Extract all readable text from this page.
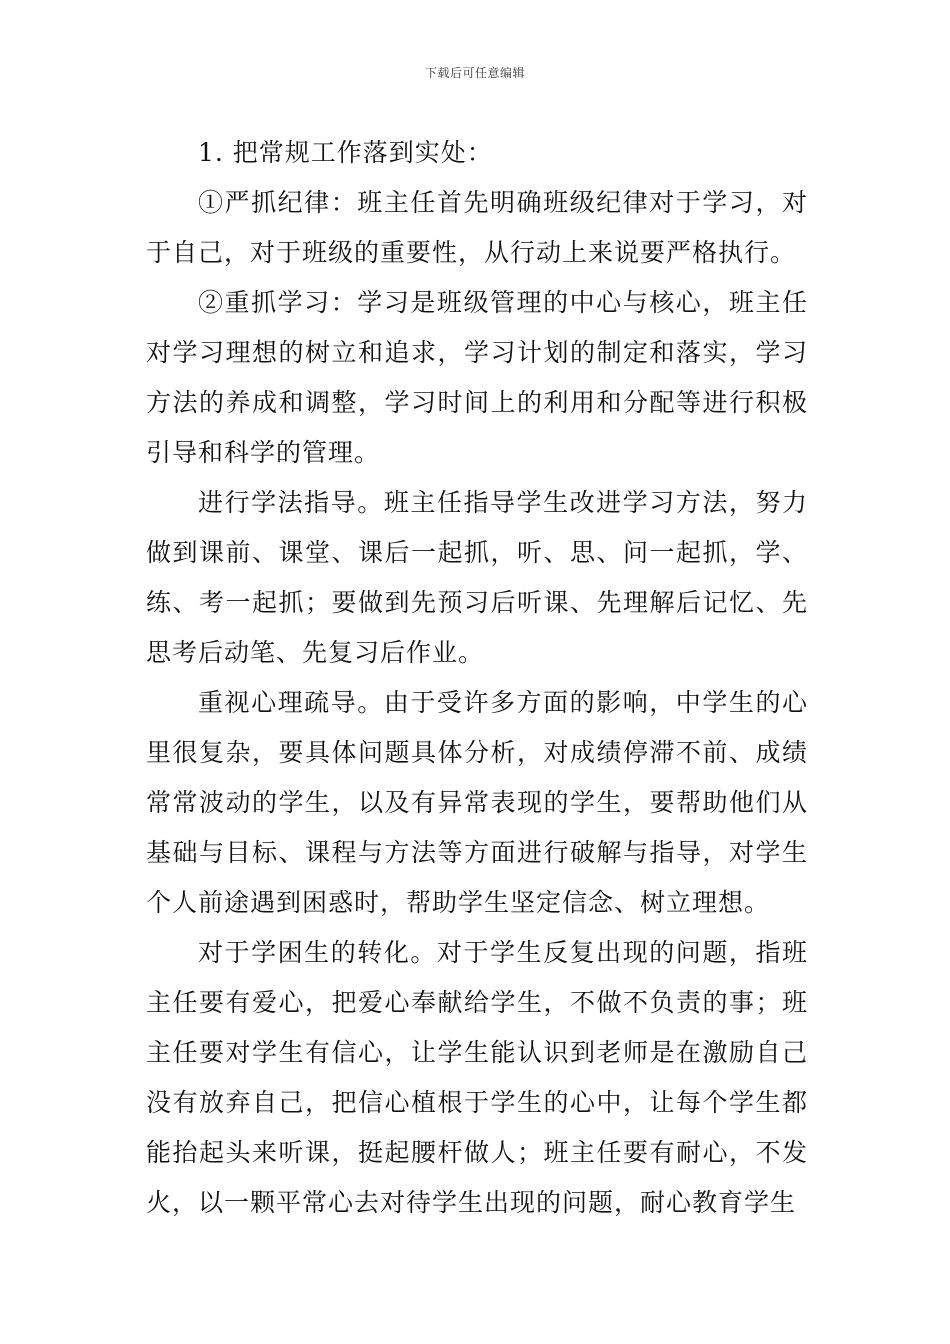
下载后可任意编辑

1. 把常规工作落到实处：

①严抓纪律：班主任首先明确班级纪律对于学习，对于自己，对于班级的重要性，从行动上来说要严格执行。

②重抓学习：学习是班级管理的中心与核心，班主任对学习理想的树立和追求，学习计划的制定和落实，学习方法的养成和调整，学习时间上的利用和分配等进行积极引导和科学的管理。

进行学法指导。班主任指导学生改进学习方法，努力做到课前、课堂、课后一起抓，听、思、问一起抓，学、练、考一起抓；要做到先预习后听课、先理解后记忆、先思考后动笔、先复习后作业。

重视心理疏导。由于受许多方面的影响，中学生的心里很复杂，要具体问题具体分析，对成绩停滞不前、成绩常常波动的学生，以及有异常表现的学生，要帮助他们从基础与目标、课程与方法等方面进行破解与指导，对学生个人前途遇到困惑时，帮助学生坚定信念、树立理想。

对于学困生的转化。对于学生反复出现的问题，指班主任要有爱心，把爱心奉献给学生，不做不负责的事；班主任要对学生有信心，让学生能认识到老师是在激励自己没有放弃自己，把信心植根于学生的心中，让每个学生都能抬起头来听课，挺起腰杆做人；班主任要有耐心，不发火，以一颗平常心去对待学生出现的问题，耐心教育学生
